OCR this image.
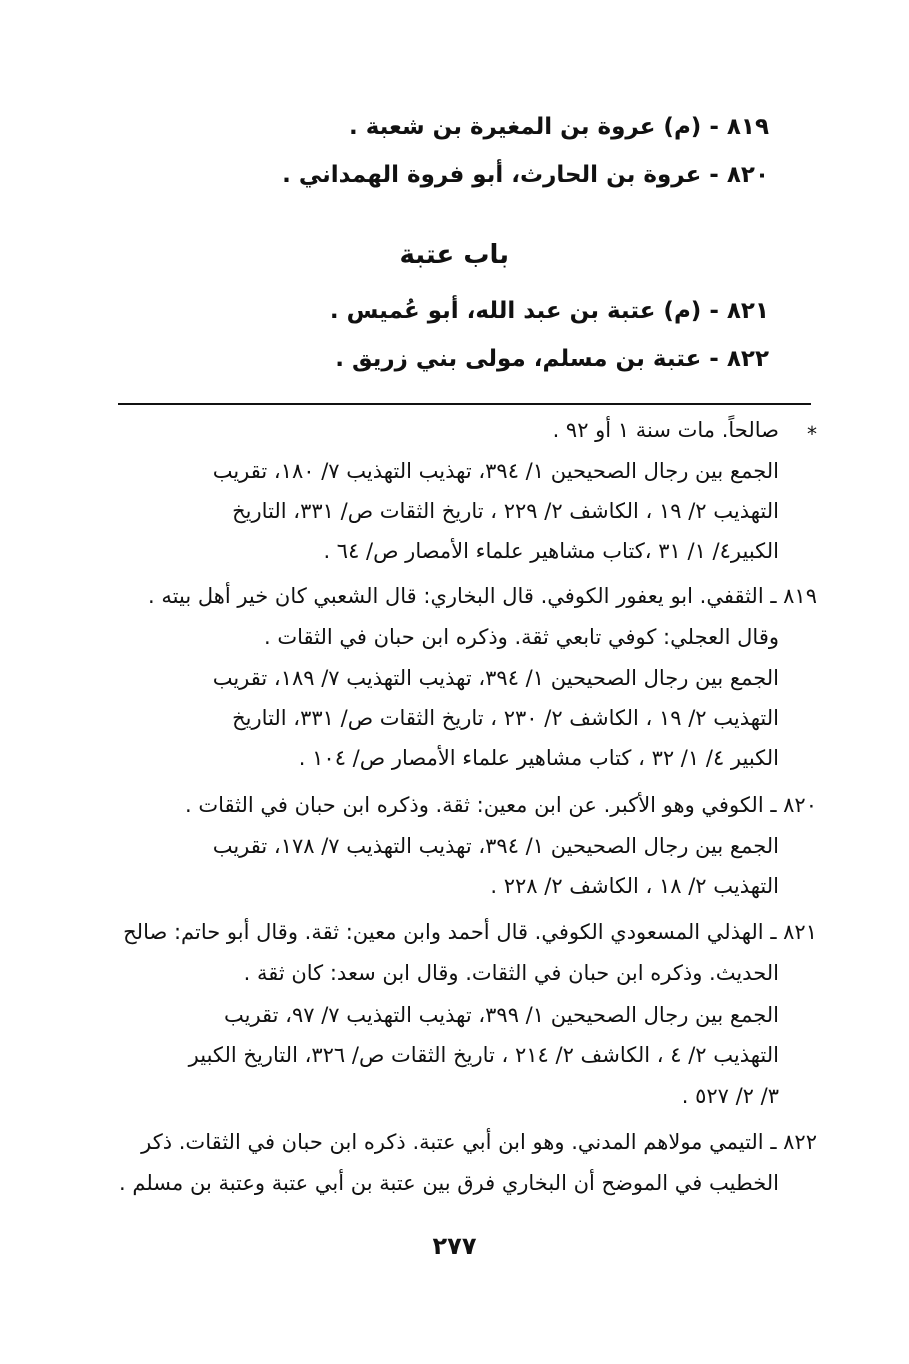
٨١٩ - (م) عروة بن المغيرة بن شعبة .
٨٢٠ - عروة بن الحارث، أبو فروة الهمداني .
باب عتبة
٨٢١ - (م) عتبة بن عبد الله، أبو عُميس .
٨٢٢ - عتبة بن مسلم، مولى بني زريق .
*
صالحاً. مات سنة ١ أو ٩٢ .
الجمع بين رجال الصحيحين ١/ ٣٩٤، تهذيب التهذيب ٧/ ١٨٠، تقريب
التهذيب ٢/ ١٩ ، الكاشف ٢/ ٢٢٩ ، تاريخ الثقات ص/ ٣٣١، التاريخ
الكبير٤/ ١/ ٣١ ،كتاب مشاهير علماء الأمصار ص/ ٦٤ .
٨١٩ ـ الثقفي. ابو يعفور الكوفي. قال البخاري: قال الشعبي كان خير أهل بيته .
وقال العجلي: كوفي تابعي ثقة. وذكره ابن حبان في الثقات .
الجمع بين رجال الصحيحين ١/ ٣٩٤، تهذيب التهذيب ٧/ ١٨٩، تقريب
التهذيب ٢/ ١٩ ، الكاشف ٢/ ٢٣٠ ، تاريخ الثقات ص/ ٣٣١، التاريخ
الكبير ٤/ ١/ ٣٢ ، كتاب مشاهير علماء الأمصار ص/ ١٠٤ .
٨٢٠ ـ الكوفي وهو الأكبر. عن ابن معين: ثقة. وذكره ابن حبان في الثقات .
الجمع بين رجال الصحيحين ١/ ٣٩٤، تهذيب التهذيب ٧/ ١٧٨، تقريب
التهذيب ٢/ ١٨ ، الكاشف ٢/ ٢٢٨ .
٨٢١ ـ الهذلي المسعودي الكوفي. قال أحمد وابن معين: ثقة. وقال أبو حاتم: صالح
الحديث. وذكره ابن حبان في الثقات. وقال ابن سعد: كان ثقة .
الجمع بين رجال الصحيحين ١/ ٣٩٩، تهذيب التهذيب ٧/ ٩٧، تقريب
التهذيب ٢/ ٤ ، الكاشف ٢/ ٢١٤ ، تاريخ الثقات ص/ ٣٢٦، التاريخ الكبير
٣/ ٢/ ٥٢٧ .
٨٢٢ ـ التيمي مولاهم المدني. وهو ابن أبي عتبة. ذكره ابن حبان في الثقات. ذكر
الخطيب في الموضح أن البخاري فرق بين عتبة بن أبي عتبة وعتبة بن مسلم .
٢٧٧
